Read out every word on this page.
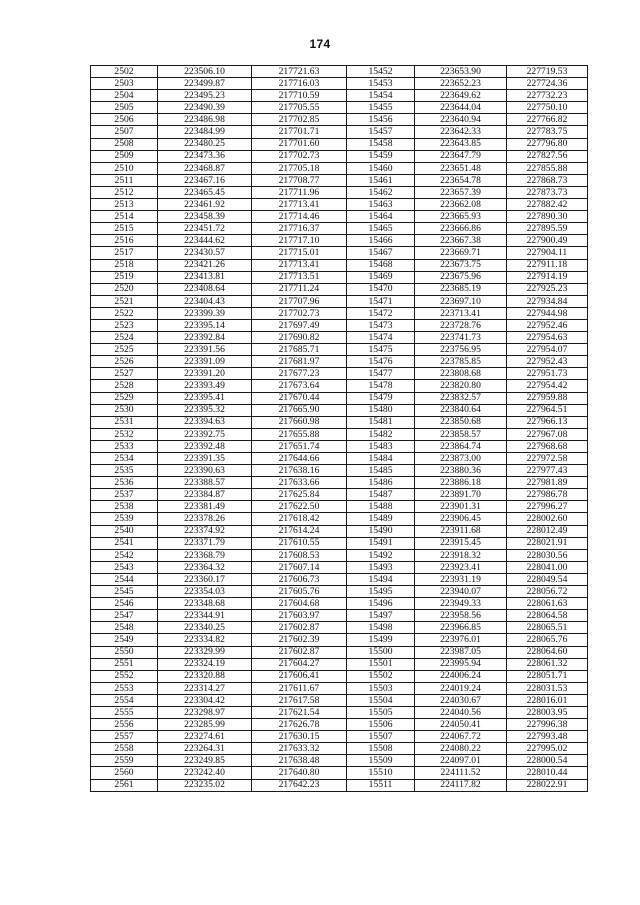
174
2502	223506.10	217721.63	15452	223653.90	227719.53
2503	223499.87	217716.03	15453	223652.23	227724.36
2504	223495.23	217710.59	15454	223649.62	227732.23
2505	223490.39	217705.55	15455	223644.04	227750.10
2506	223486.98	217702.85	15456	223640.94	227766.82
2507	223484.99	217701.71	15457	223642.33	227783.75
2508	223480.25	217701.60	15458	223643.85	227796.80
2509	223473.36	217702.73	15459	223647.79	227827.56
2510	223468.87	217705.18	15460	223651.48	227855.88
2511	223467.16	217708.77	15461	223654.78	227868.73
2512	223465.45	217711.96	15462	223657.39	227873.73
2513	223461.92	217713.41	15463	223662.08	227882.42
2514	223458.39	217714.46	15464	223665.93	227890.30
2515	223451.72	217716.37	15465	223666.86	227895.59
2516	223444.62	217717.10	15466	223667.38	227900.49
2517	223430.57	217715.01	15467	223669.71	227904.11
2518	223421.26	217713.41	15468	223673.75	227911.18
2519	223413.81	217713.51	15469	223675.96	227914.19
2520	223408.64	217711.24	15470	223685.19	227925.23
2521	223404.43	217707.96	15471	223697.10	227934.84
2522	223399.39	217702.73	15472	223713.41	227944.98
2523	223395.14	217697.49	15473	223728.76	227952.46
2524	223392.84	217690.82	15474	223741.73	227954.63
2525	223391.56	217685.71	15475	223756.95	227954.07
2526	223391.09	217681.97	15476	223785.85	227952.43
2527	223391.20	217677.23	15477	223808.68	227951.73
2528	223393.49	217673.64	15478	223820.80	227954.42
2529	223395.41	217670.44	15479	223832.57	227959.88
2530	223395.32	217665.90	15480	223840.64	227964.51
2531	223394.63	217660.98	15481	223850.68	227966.13
2532	223392.75	217655.88	15482	223858.57	227967.08
2533	223392.48	217651.74	15483	223864.74	227968.68
2534	223391.35	217644.66	15484	223873.00	227972.58
2535	223390.63	217638.16	15485	223880.36	227977.43
2536	223388.57	217633.66	15486	223886.18	227981.89
2537	223384.87	217625.84	15487	223891.70	227986.78
2538	223381.49	217622.50	15488	223901.31	227996.27
2539	223378.26	217618.42	15489	223906.45	228002.60
2540	223374.92	217614.24	15490	223911.68	228012.49
2541	223371.79	217610.55	15491	223915.45	228021.91
2542	223368.79	217608.53	15492	223918.32	228030.56
2543	223364.32	217607.14	15493	223923.41	228041.00
2544	223360.17	217606.73	15494	223931.19	228049.54
2545	223354.03	217605.76	15495	223940.07	228056.72
2546	223348.68	217604.68	15496	223949.33	228061.63
2547	223344.91	217603.97	15497	223958.56	228064.58
2548	223340.25	217602.87	15498	223966.85	228065.51
2549	223334.82	217602.39	15499	223976.01	228065.76
2550	223329.99	217602.87	15500	223987.05	228064.60
2551	223324.19	217604.27	15501	223995.94	228061.32
2552	223320.88	217606.41	15502	224006.24	228051.71
2553	223314.27	217611.67	15503	224019.24	228031.53
2554	223304.42	217617.58	15504	224030.67	228016.01
2555	223298.97	217621.54	15505	224040.56	228003.95
2556	223285.99	217626.78	15506	224050.41	227996.38
2557	223274.61	217630.15	15507	224067.72	227993.48
2558	223264.31	217633.32	15508	224080.22	227995.02
2559	223249.85	217638.48	15509	224097.01	228000.54
2560	223242.40	217640.80	15510	224111.52	228010.44
2561	223235.02	217642.23	15511	224117.82	228022.91
